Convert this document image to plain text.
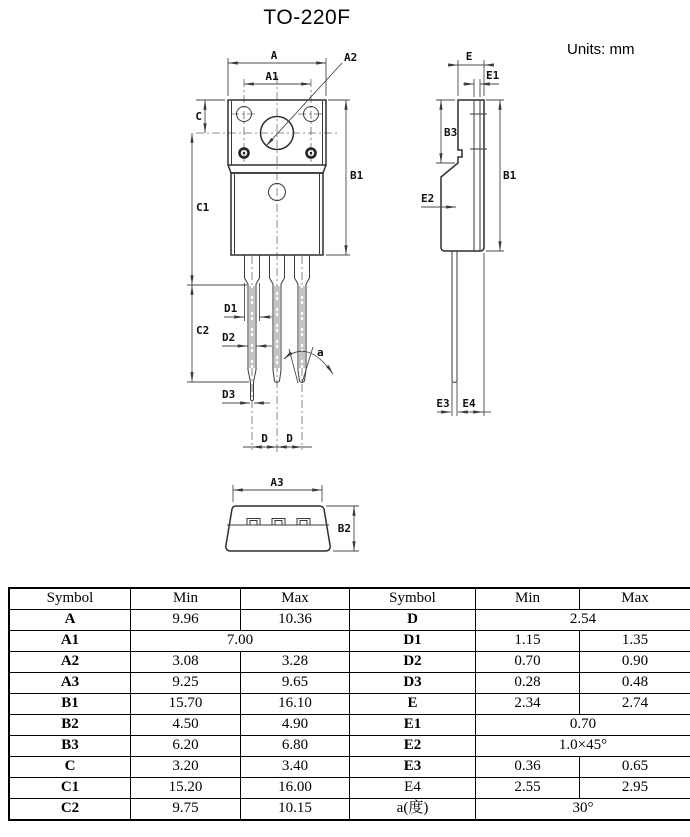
TO-220F
Units: mm
A
A1
A2
B1
C
C1
C2
D1
D2
D3
a
D D
E
E1
B3
B1
E2
E3 E4
A3
B2
Symbol	Min	Max	Symbol	Min	Max
A	9.96	10.36	D	2.54	
A1	7.00		D1	1.15	1.35
A2	3.08	3.28	D2	0.70	0.90
A3	9.25	9.65	D3	0.28	0.48
B1	15.70	16.10	E	2.34	2.74
B2	4.50	4.90	E1	0.70	
B3	6.20	6.80	E2	1.0×45°	
C	3.20	3.40	E3	0.36	0.65
C1	15.20	16.00	E4	2.55	2.95
C2	9.75	10.15	a(度)	30°	
